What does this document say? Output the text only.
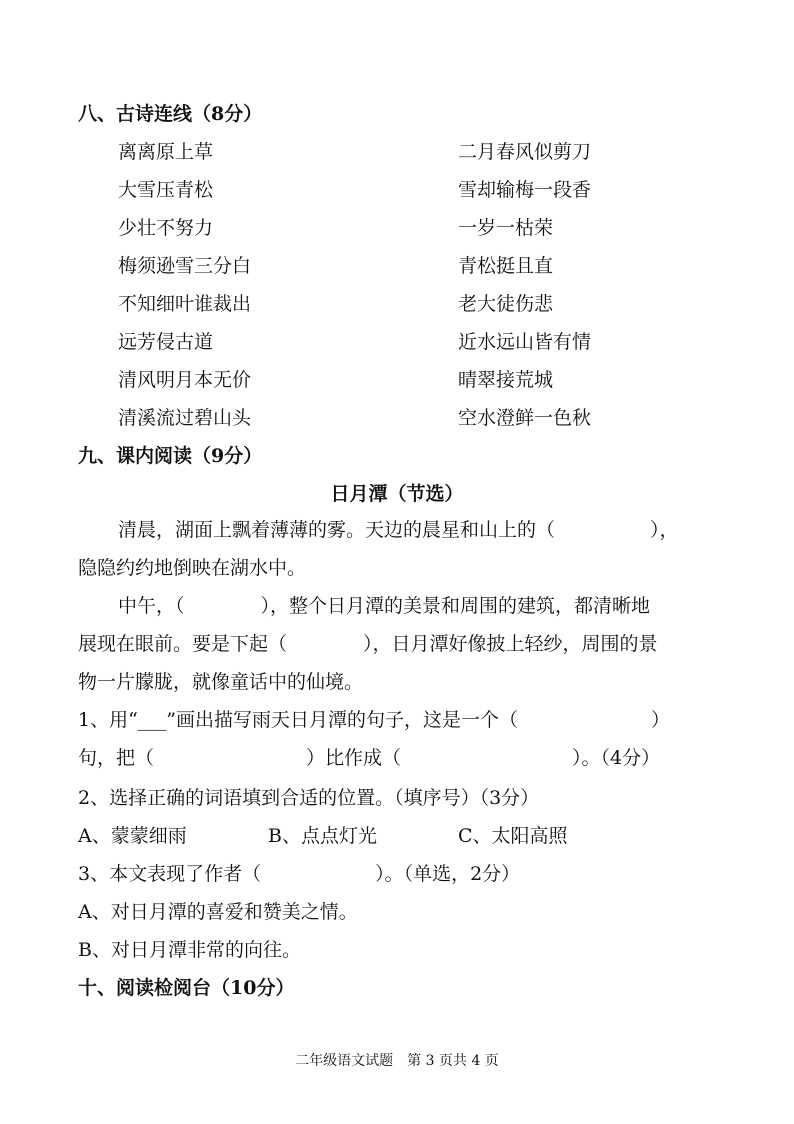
八、古诗连线（8分）
离离原上草
大雪压青松
少壮不努力
梅须逊雪三分白
不知细叶谁裁出
远芳侵古道
清风明月本无价
清溪流过碧山头
二月春风似剪刀
雪却输梅一段香
一岁一枯荣
青松挺且直
老大徒伤悲
近水远山皆有情
晴翠接荒城
空水澄鲜一色秋
九、课内阅读（9分）
日月潭（节选）
清晨，湖面上飘着薄薄的雾。天边的晨星和山上的（　　　　　），
隐隐约约地倒映在湖水中。
中午，（　　　　），整个日月潭的美景和周围的建筑，都清晰地
展现在眼前。要是下起（　　　　），日月潭好像披上轻纱，周围的景
物一片朦胧，就像童话中的仙境。
1、用“___”画出描写雨天日月潭的句子，这是一个（　　　　　　　）
句，把（　　　　　　　　）比作成（　　　　　　　　　）。（4分）
2、选择正确的词语填到合适的位置。（填序号）（3分）
A、蒙蒙细雨	B、点点灯光	C、太阳高照
3、本文表现了作者（　　　　　　）。（单选，2分）
A、对日月潭的喜爱和赞美之情。
B、对日月潭非常的向往。
十、阅读检阅台（10分）
二年级语文试题　第 3 页共 4 页
